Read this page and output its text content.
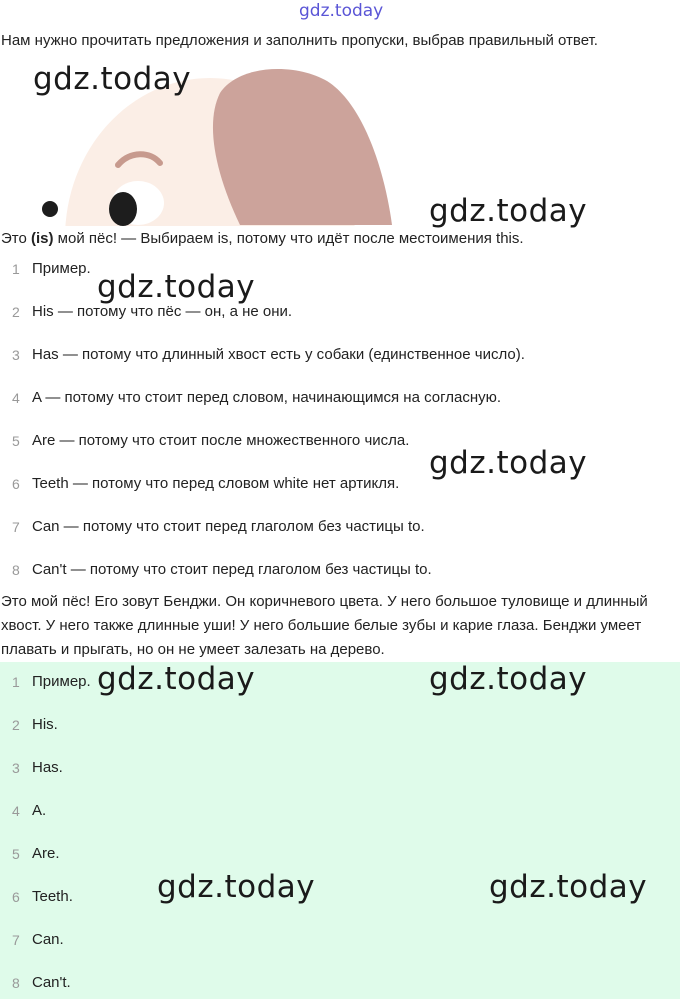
gdz.today
Нам нужно прочитать предложения и заполнить пропуски, выбрав правильный ответ.
Это (is) мой пёс! — Выбираем is, потому что идёт после местоимения this.
1 Пример.
2 His — потому что пёс — он, а не они.
3 Has — потому что длинный хвост есть у собаки (единственное число).
4 A — потому что стоит перед словом, начинающимся на согласную.
5 Are — потому что стоит после множественного числа.
6 Teeth — потому что перед словом white нет артикля.
7 Can — потому что стоит перед глаголом без частицы to.
8 Can't — потому что стоит перед глаголом без частицы to.
Это мой пёс! Его зовут Бенджи. Он коричневого цвета. У него большое туловище и длинный хвост. У него также длинные уши! У него большие белые зубы и карие глаза. Бенджи умеет плавать и прыгать, но он не умеет залезать на дерево.
1 Пример.
2 His.
3 Has.
4 A.
5 Are.
6 Teeth.
7 Can.
8 Can't.
gdz.today
gdz.today
gdz.today
gdz.today
gdz.today	gdz.today
gdz.today	gdz.today
